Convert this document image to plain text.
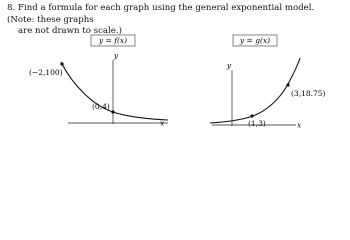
8. Find a formula for each graph using the general exponential model. (Note: these graphs
are not drawn to scale.)
y = f(x)
y
x
(−2,100)
(0,4)
y = g(x)
y
x
(1,3)
(3,18.75)
